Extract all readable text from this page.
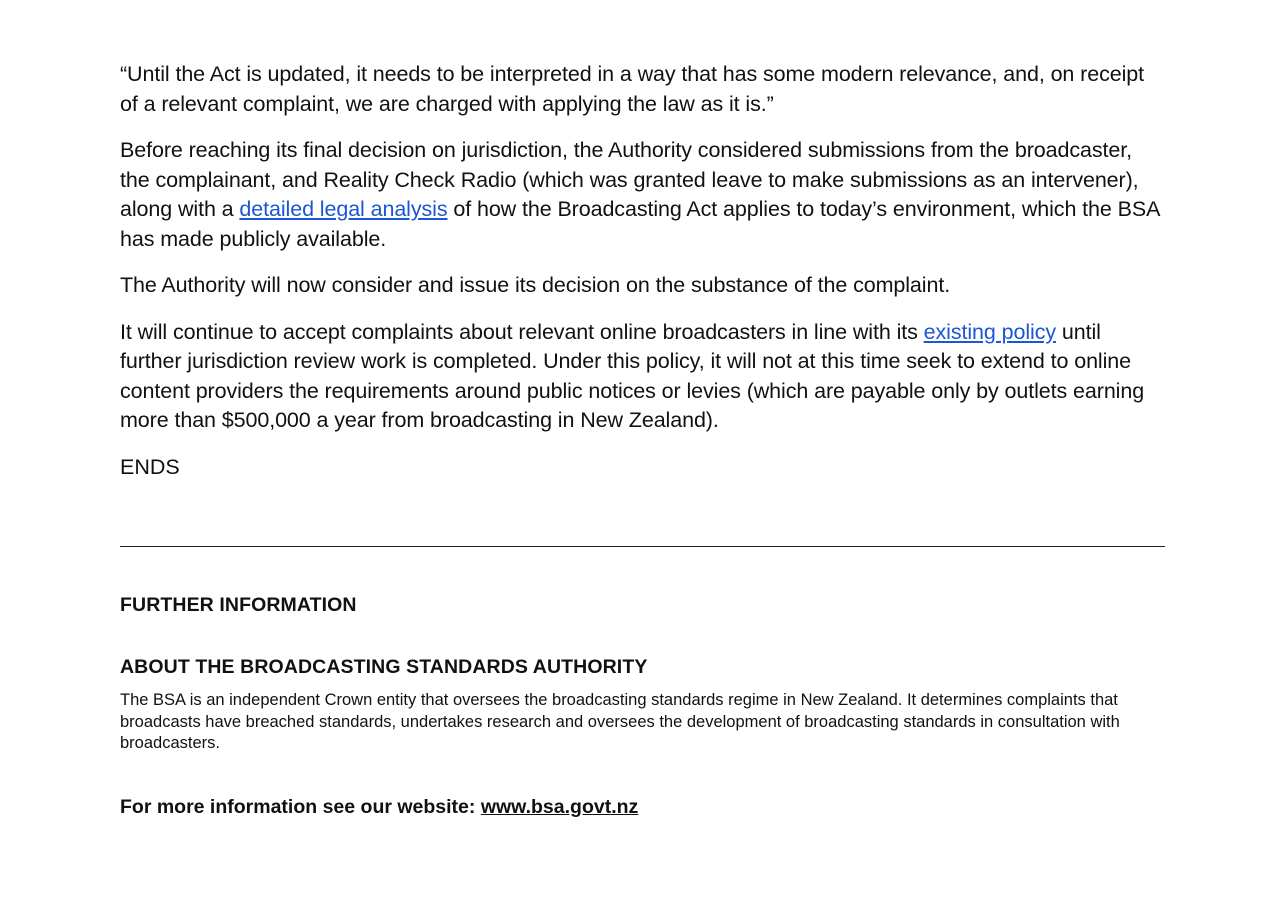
“Until the Act is updated, it needs to be interpreted in a way that has some modern relevance, and, on receipt of a relevant complaint, we are charged with applying the law as it is.”

Before reaching its final decision on jurisdiction, the Authority considered submissions from the broadcaster, the complainant, and Reality Check Radio (which was granted leave to make submissions as an intervener), along with a detailed legal analysis of how the Broadcasting Act applies to today’s environment, which the BSA has made publicly available.

The Authority will now consider and issue its decision on the substance of the complaint.

It will continue to accept complaints about relevant online broadcasters in line with its existing policy until further jurisdiction review work is completed. Under this policy, it will not at this time seek to extend to online content providers the requirements around public notices or levies (which are payable only by outlets earning more than $500,000 a year from broadcasting in New Zealand).

ENDS

FURTHER INFORMATION
ABOUT THE BROADCASTING STANDARDS AUTHORITY

The BSA is an independent Crown entity that oversees the broadcasting standards regime in New Zealand. It determines complaints that broadcasts have breached standards, undertakes research and oversees the development of broadcasting standards in consultation with broadcasters.

For more information see our website: www.bsa.govt.nz
